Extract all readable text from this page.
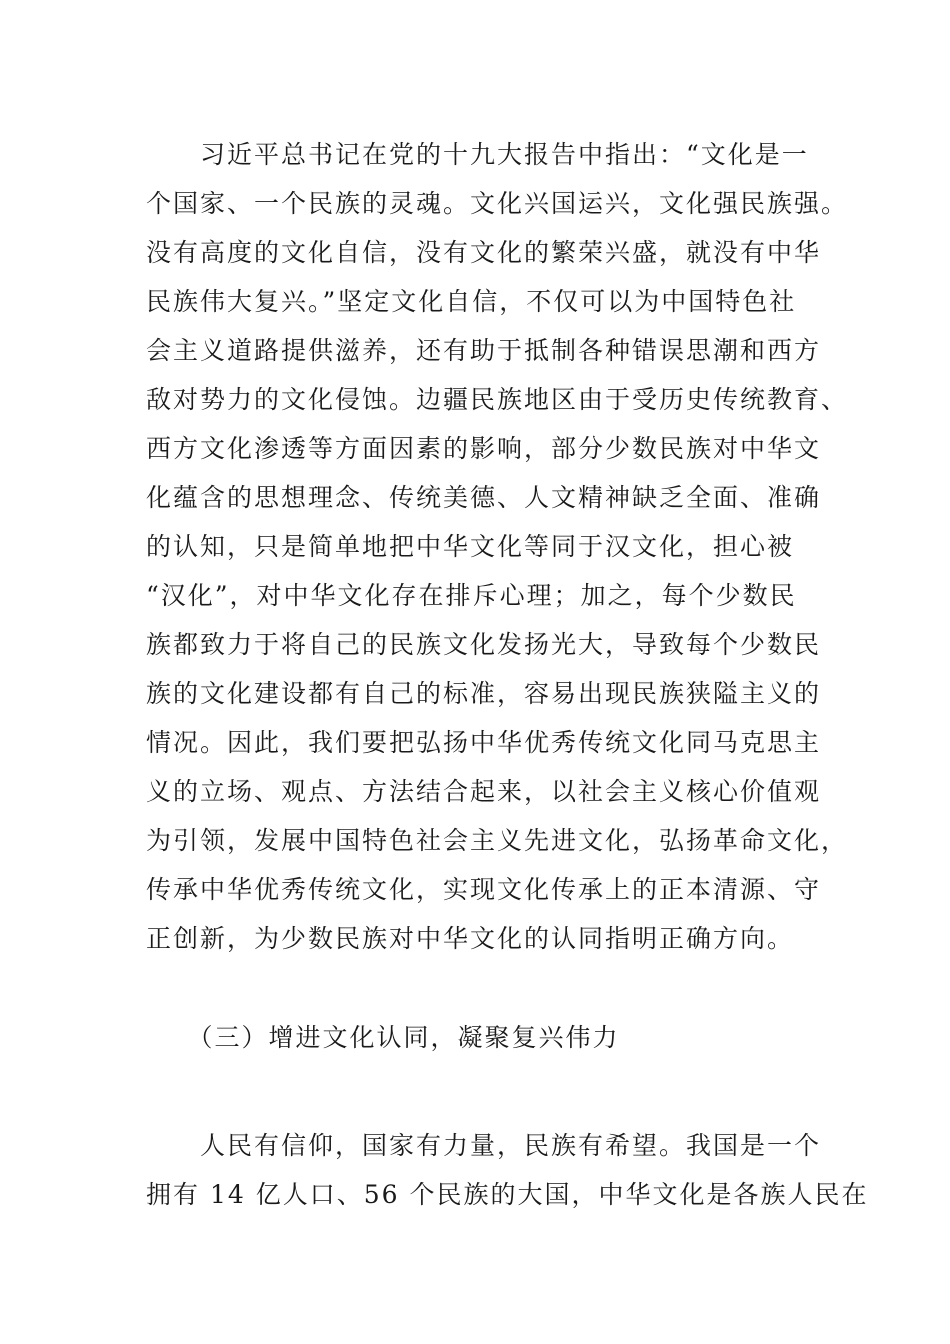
　　习近平总书记在党的十九大报告中指出：“文化是一
个国家、一个民族的灵魂。文化兴国运兴，文化强民族强。
没有高度的文化自信，没有文化的繁荣兴盛，就没有中华
民族伟大复兴。”坚定文化自信，不仅可以为中国特色社
会主义道路提供滋养，还有助于抵制各种错误思潮和西方
敌对势力的文化侵蚀。边疆民族地区由于受历史传统教育、
西方文化渗透等方面因素的影响，部分少数民族对中华文
化蕴含的思想理念、传统美德、人文精神缺乏全面、准确
的认知，只是简单地把中华文化等同于汉文化，担心被
“汉化”，对中华文化存在排斥心理；加之，每个少数民
族都致力于将自己的民族文化发扬光大，导致每个少数民
族的文化建设都有自己的标准，容易出现民族狭隘主义的
情况。因此，我们要把弘扬中华优秀传统文化同马克思主
义的立场、观点、方法结合起来，以社会主义核心价值观
为引领，发展中国特色社会主义先进文化，弘扬革命文化，
传承中华优秀传统文化，实现文化传承上的正本清源、守
正创新，为少数民族对中华文化的认同指明正确方向。
　　（三）增进文化认同，凝聚复兴伟力
　　人民有信仰，国家有力量，民族有希望。我国是一个
拥有 14 亿人口、56 个民族的大国，中华文化是各族人民在
